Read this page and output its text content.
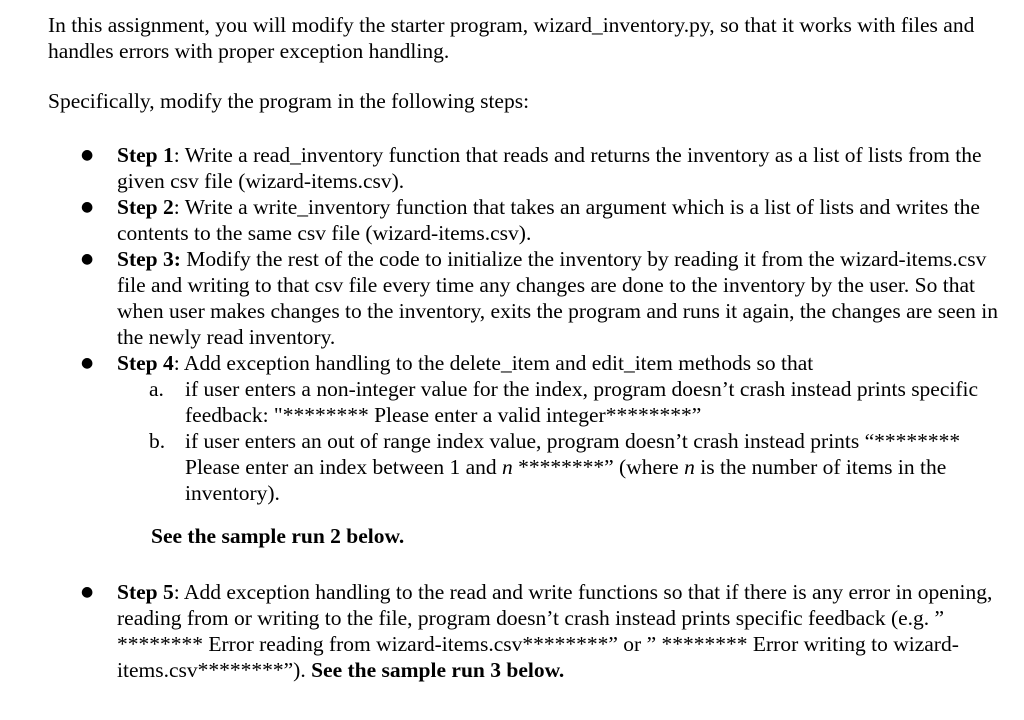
In this assignment, you will modify the starter program, wizard_inventory.py, so that it works with files and handles errors with proper exception handling.

Specifically, modify the program in the following steps:

● Step 1: Write a read_inventory function that reads and returns the inventory as a list of lists from the given csv file (wizard-items.csv).
● Step 2: Write a write_inventory function that takes an argument which is a list of lists and writes the contents to the same csv file (wizard-items.csv).
● Step 3: Modify the rest of the code to initialize the inventory by reading it from the wizard-items.csv file and writing to that csv file every time any changes are done to the inventory by the user. So that when user makes changes to the inventory, exits the program and runs it again, the changes are seen in the newly read inventory.
● Step 4: Add exception handling to the delete_item and edit_item methods so that
a. if user enters a non-integer value for the index, program doesn’t crash instead prints specific feedback: "******** Please enter a valid integer********”
b. if user enters an out of range index value, program doesn’t crash instead prints “******** Please enter an index between 1 and n ********” (where n is the number of items in the inventory).

See the sample run 2 below.

● Step 5: Add exception handling to the read and write functions so that if there is any error in opening, reading from or writing to the file, program doesn’t crash instead prints specific feedback (e.g. ” ******** Error reading from wizard-items.csv********” or ” ******** Error writing to wizard-items.csv********”). See the sample run 3 below.
